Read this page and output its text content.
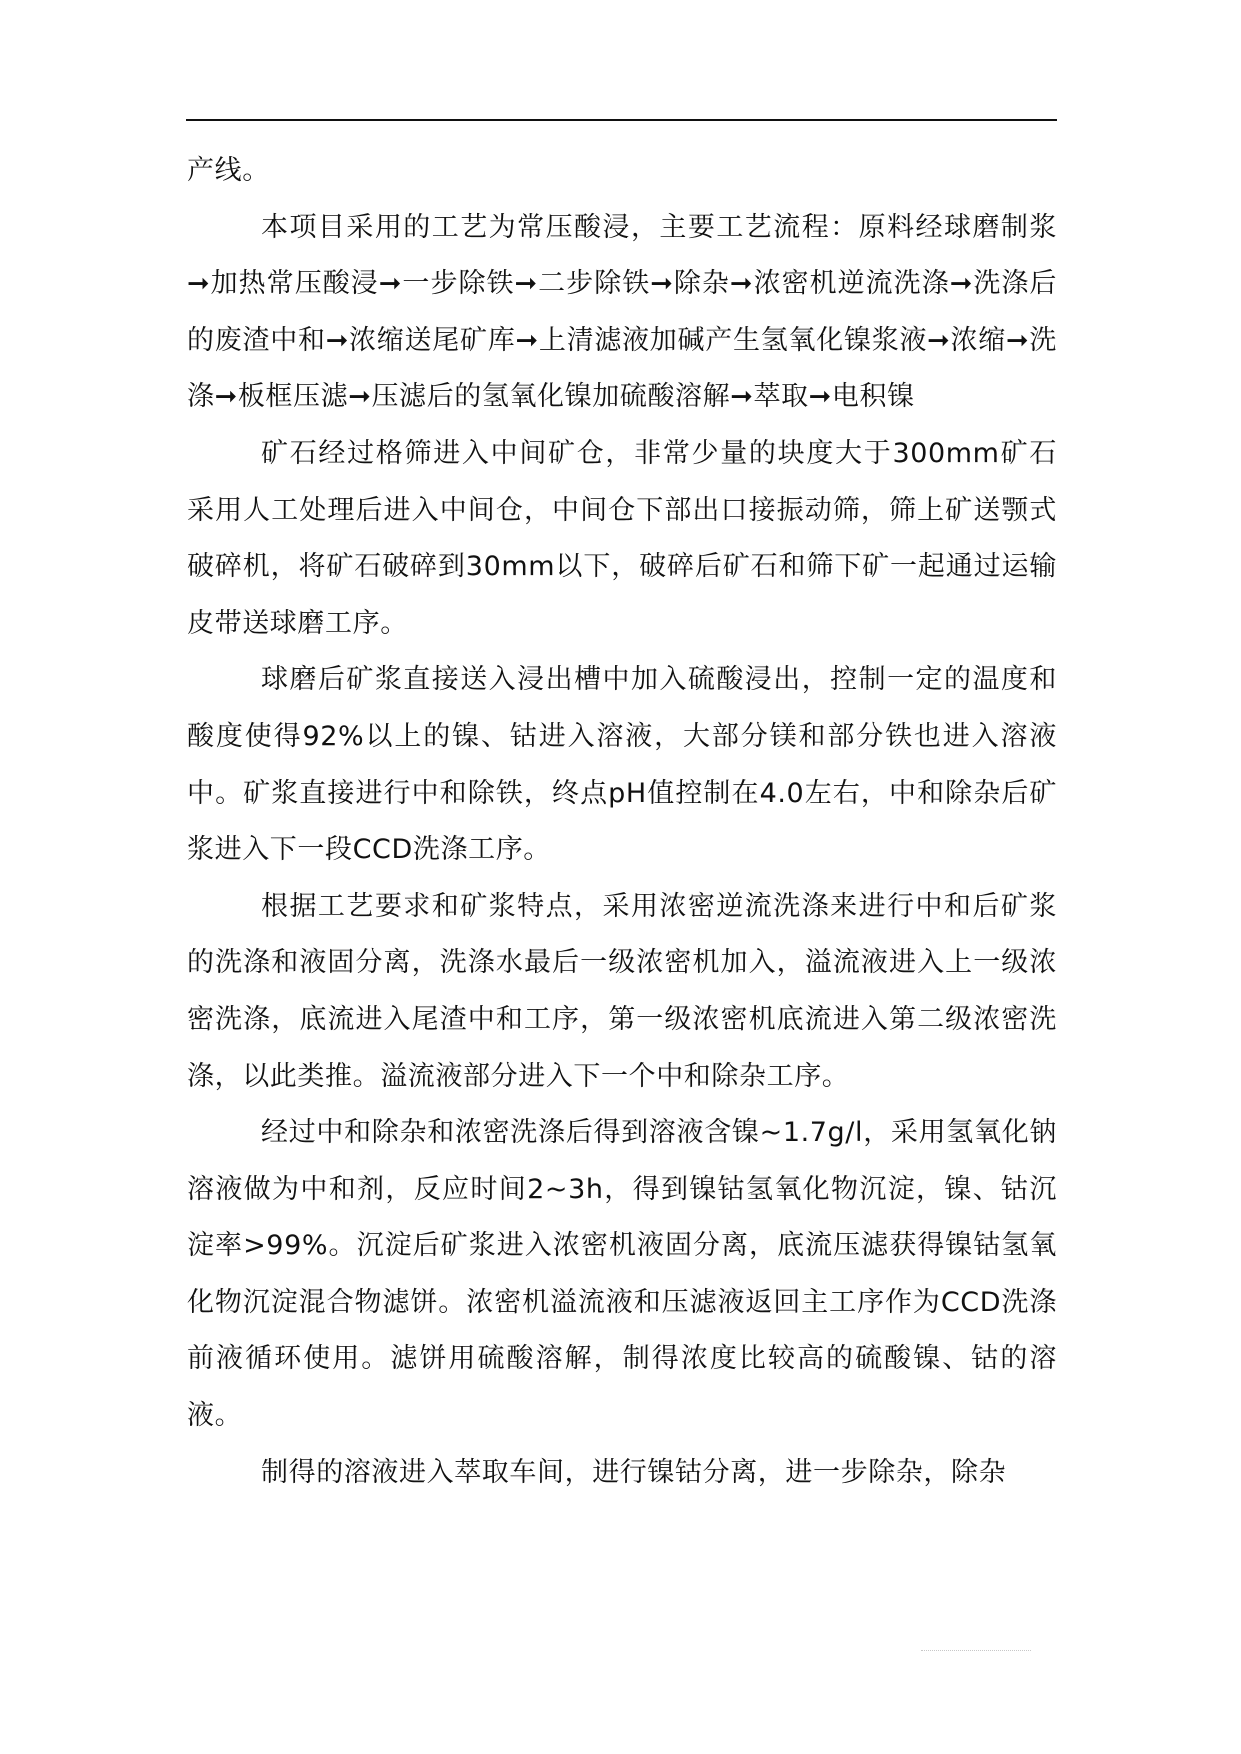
产线。

本项目采用的工艺为常压酸浸，主要工艺流程：原料经球磨制浆➞加热常压酸浸➞一步除铁➞二步除铁➞除杂➞浓密机逆流洗涤➞洗涤后的废渣中和➞浓缩送尾矿库➞上清滤液加碱产生氢氧化镍浆液➞浓缩➞洗涤➞板框压滤➞压滤后的氢氧化镍加硫酸溶解➞萃取➞电积镍

矿石经过格筛进入中间矿仓，非常少量的块度大于300mm矿石采用人工处理后进入中间仓，中间仓下部出口接振动筛，筛上矿送颚式破碎机，将矿石破碎到30mm以下，破碎后矿石和筛下矿一起通过运输皮带送球磨工序。

球磨后矿浆直接送入浸出槽中加入硫酸浸出，控制一定的温度和酸度使得92%以上的镍、钴进入溶液，大部分镁和部分铁也进入溶液中。矿浆直接进行中和除铁，终点pH值控制在4.0左右，中和除杂后矿浆进入下一段CCD洗涤工序。

根据工艺要求和矿浆特点，采用浓密逆流洗涤来进行中和后矿浆的洗涤和液固分离，洗涤水最后一级浓密机加入，溢流液进入上一级浓密洗涤，底流进入尾渣中和工序，第一级浓密机底流进入第二级浓密洗涤，以此类推。溢流液部分进入下一个中和除杂工序。

经过中和除杂和浓密洗涤后得到溶液含镍~1.7g/l，采用氢氧化钠溶液做为中和剂，反应时间2~3h，得到镍钴氢氧化物沉淀，镍、钴沉淀率>99%。沉淀后矿浆进入浓密机液固分离，底流压滤获得镍钴氢氧化物沉淀混合物滤饼。浓密机溢流液和压滤液返回主工序作为CCD洗涤前液循环使用。滤饼用硫酸溶解，制得浓度比较高的硫酸镍、钴的溶液。

制得的溶液进入萃取车间，进行镍钴分离，进一步除杂，除杂
